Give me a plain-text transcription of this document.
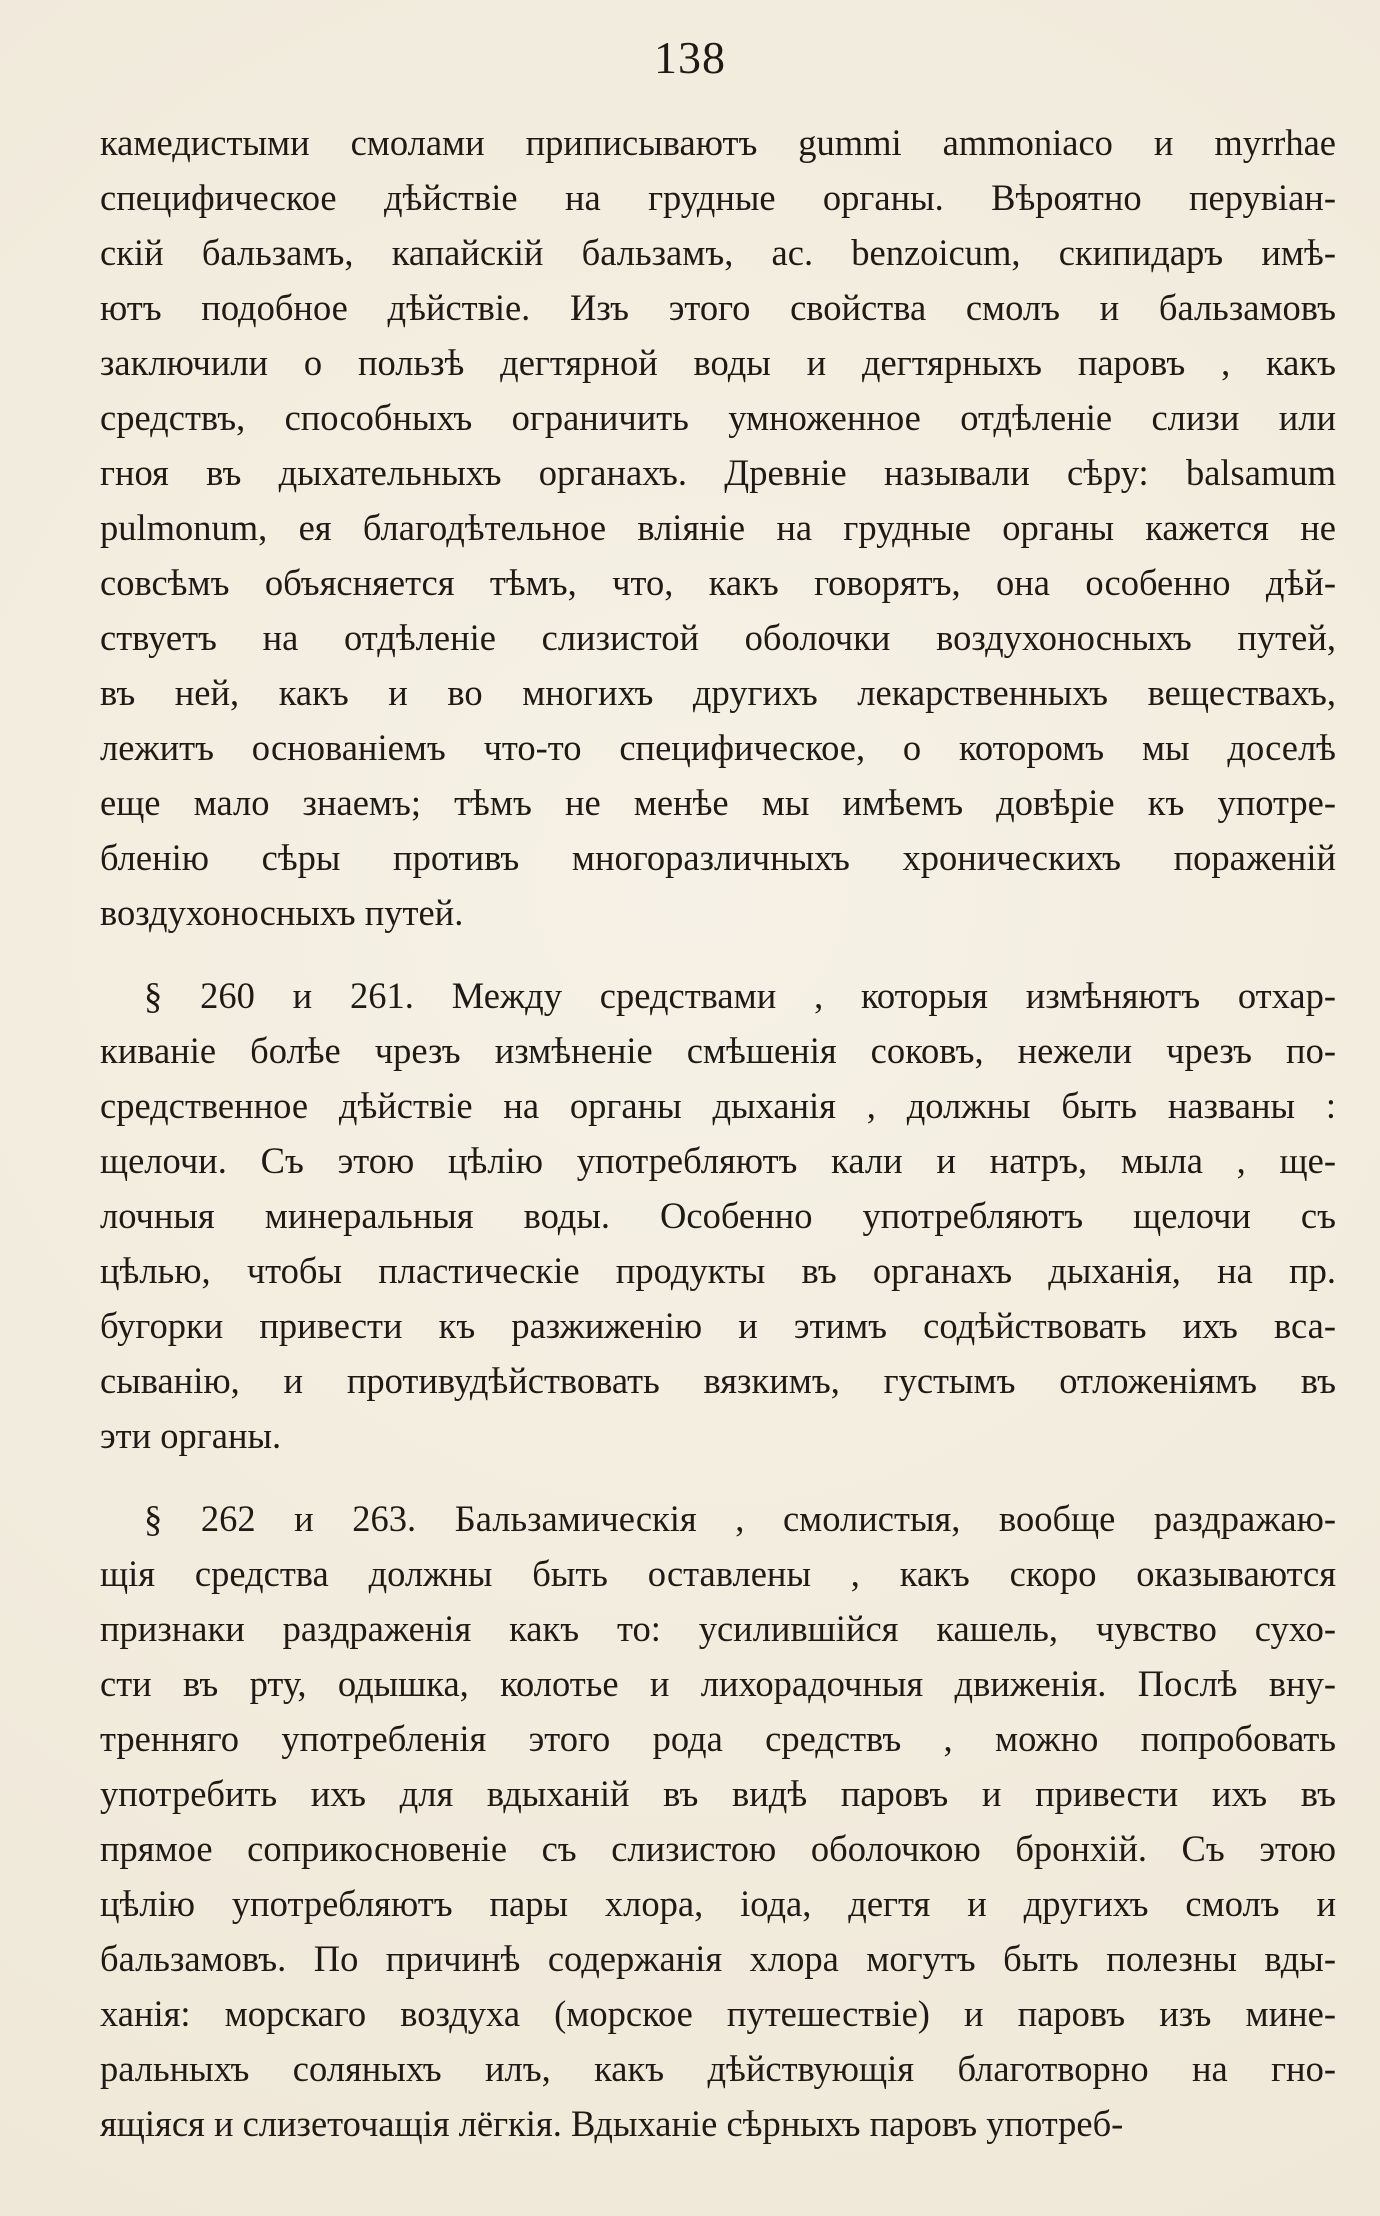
138
камедистыми смолами приписываютъ gummi ammoniaco и myrrhae
специфическое дѣйствіе на грудные органы. Вѣроятно перувіан-
скій бальзамъ, капайскій бальзамъ, ас. benzoicum, скипидаръ имѣ-
ютъ подобное дѣйствіе. Изъ этого свойства смолъ и бальзамовъ
заключили о пользѣ дегтярной воды и дегтярныхъ паровъ , какъ
средствъ, способныхъ ограничить умноженное отдѣленіе слизи или
гноя въ дыхательныхъ органахъ. Древніе называли сѣру: balsamum
pulmonum, ея благодѣтельное вліяніе на грудные органы кажется не
совсѣмъ объясняется тѣмъ, что, какъ говорятъ, она особенно дѣй-
ствуетъ на отдѣленіе слизистой оболочки воздухоносныхъ путей,
въ ней, какъ и во многихъ другихъ лекарственныхъ веществахъ,
лежитъ основаніемъ что-то специфическое, о которомъ мы доселѣ
еще мало знаемъ; тѣмъ не менѣе мы имѣемъ довѣріе къ употре-
бленію сѣры противъ многоразличныхъ хроническихъ пораженій
воздухоносныхъ путей.
§ 260 и 261. Между средствами , которыя измѣняютъ отхар-
киваніе болѣе чрезъ измѣненіе смѣшенія соковъ, нежели чрезъ по-
средственное дѣйствіе на органы дыханія , должны быть названы :
щелочи. Съ этою цѣлію употребляютъ кали и натръ, мыла , ще-
лочныя минеральныя воды. Особенно употребляютъ щелочи съ
цѣлью, чтобы пластическіе продукты въ органахъ дыханія, на пр.
бугорки привести къ разжиженію и этимъ содѣйствовать ихъ вса-
сыванію, и противудѣйствовать вязкимъ, густымъ отложеніямъ въ
эти органы.
§ 262 и 263. Бальзамическія , смолистыя, вообще раздражаю-
щія средства должны быть оставлены , какъ скоро оказываются
признаки раздраженія какъ то: усилившійся кашель, чувство сухо-
сти въ рту, одышка, колотье и лихорадочныя движенія. Послѣ вну-
тренняго употребленія этого рода средствъ , можно попробовать
употребить ихъ для вдыханій въ видѣ паровъ и привести ихъ въ
прямое соприкосновеніе съ слизистою оболочкою бронхій. Съ этою
цѣлію употребляютъ пары хлора, іода, дегтя и другихъ смолъ и
бальзамовъ. По причинѣ содержанія хлора могутъ быть полезны вды-
ханія: морскаго воздуха (морское путешествіе) и паровъ изъ мине-
ральныхъ соляныхъ илъ, какъ дѣйствующія благотворно на гно-
ящіяся и слизеточащія лёгкія. Вдыханіе сѣрныхъ паровъ употреб-
